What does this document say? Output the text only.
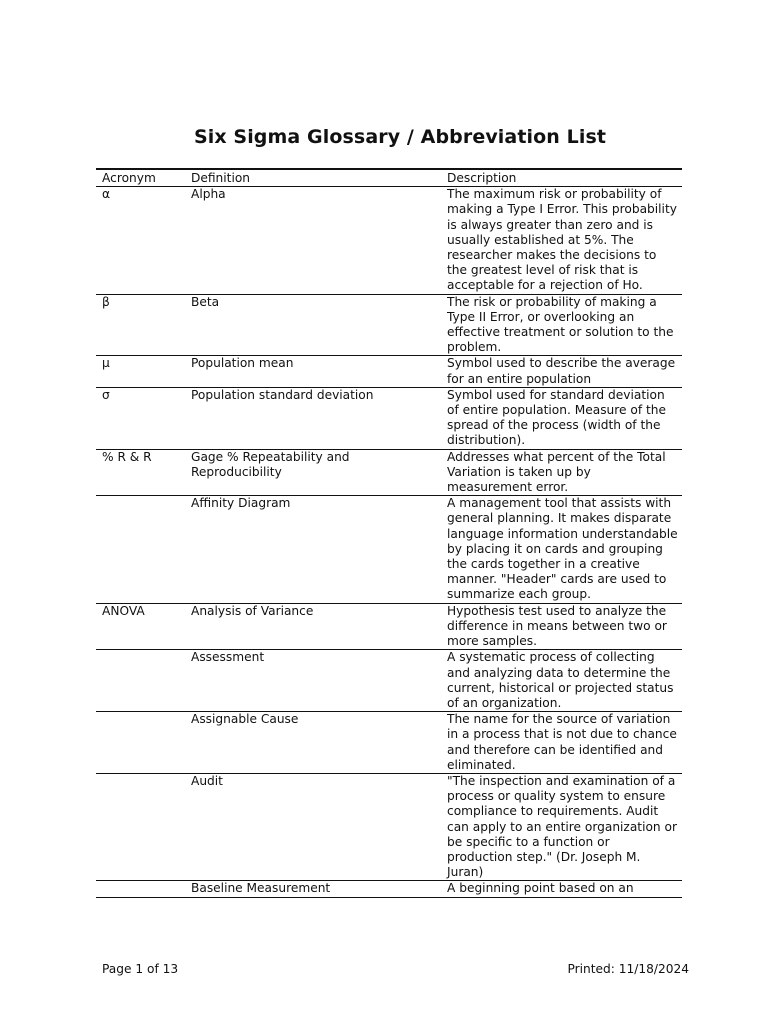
Six Sigma Glossary / Abbreviation List
Acronym	Definition	Description
α	Alpha	The maximum risk or probability of making a Type I Error. This probability is always greater than zero and is usually established at 5%. The researcher makes the decisions to the greatest level of risk that is acceptable for a rejection of Ho.
β	Beta	The risk or probability of making a Type II Error, or overlooking an effective treatment or solution to the problem.
μ	Population mean	Symbol used to describe the average for an entire population
σ	Population standard deviation	Symbol used for standard deviation of entire population. Measure of the spread of the process (width of the distribution).
% R & R	Gage % Repeatability and Reproducibility	Addresses what percent of the Total Variation is taken up by measurement error.
	Affinity Diagram	A management tool that assists with general planning. It makes disparate language information understandable by placing it on cards and grouping the cards together in a creative manner. "Header" cards are used to summarize each group.
ANOVA	Analysis of Variance	Hypothesis test used to analyze the difference in means between two or more samples.
	Assessment	A systematic process of collecting and analyzing data to determine the current, historical or projected status of an organization.
	Assignable Cause	The name for the source of variation in a process that is not due to chance and therefore can be identified and eliminated.
	Audit	"The inspection and examination of a process or quality system to ensure compliance to requirements. Audit can apply to an entire organization or be specific to a function or production step." (Dr. Joseph M. Juran)
	Baseline Measurement	A beginning point based on an
Page 1 of 13	Printed: 11/18/2024
